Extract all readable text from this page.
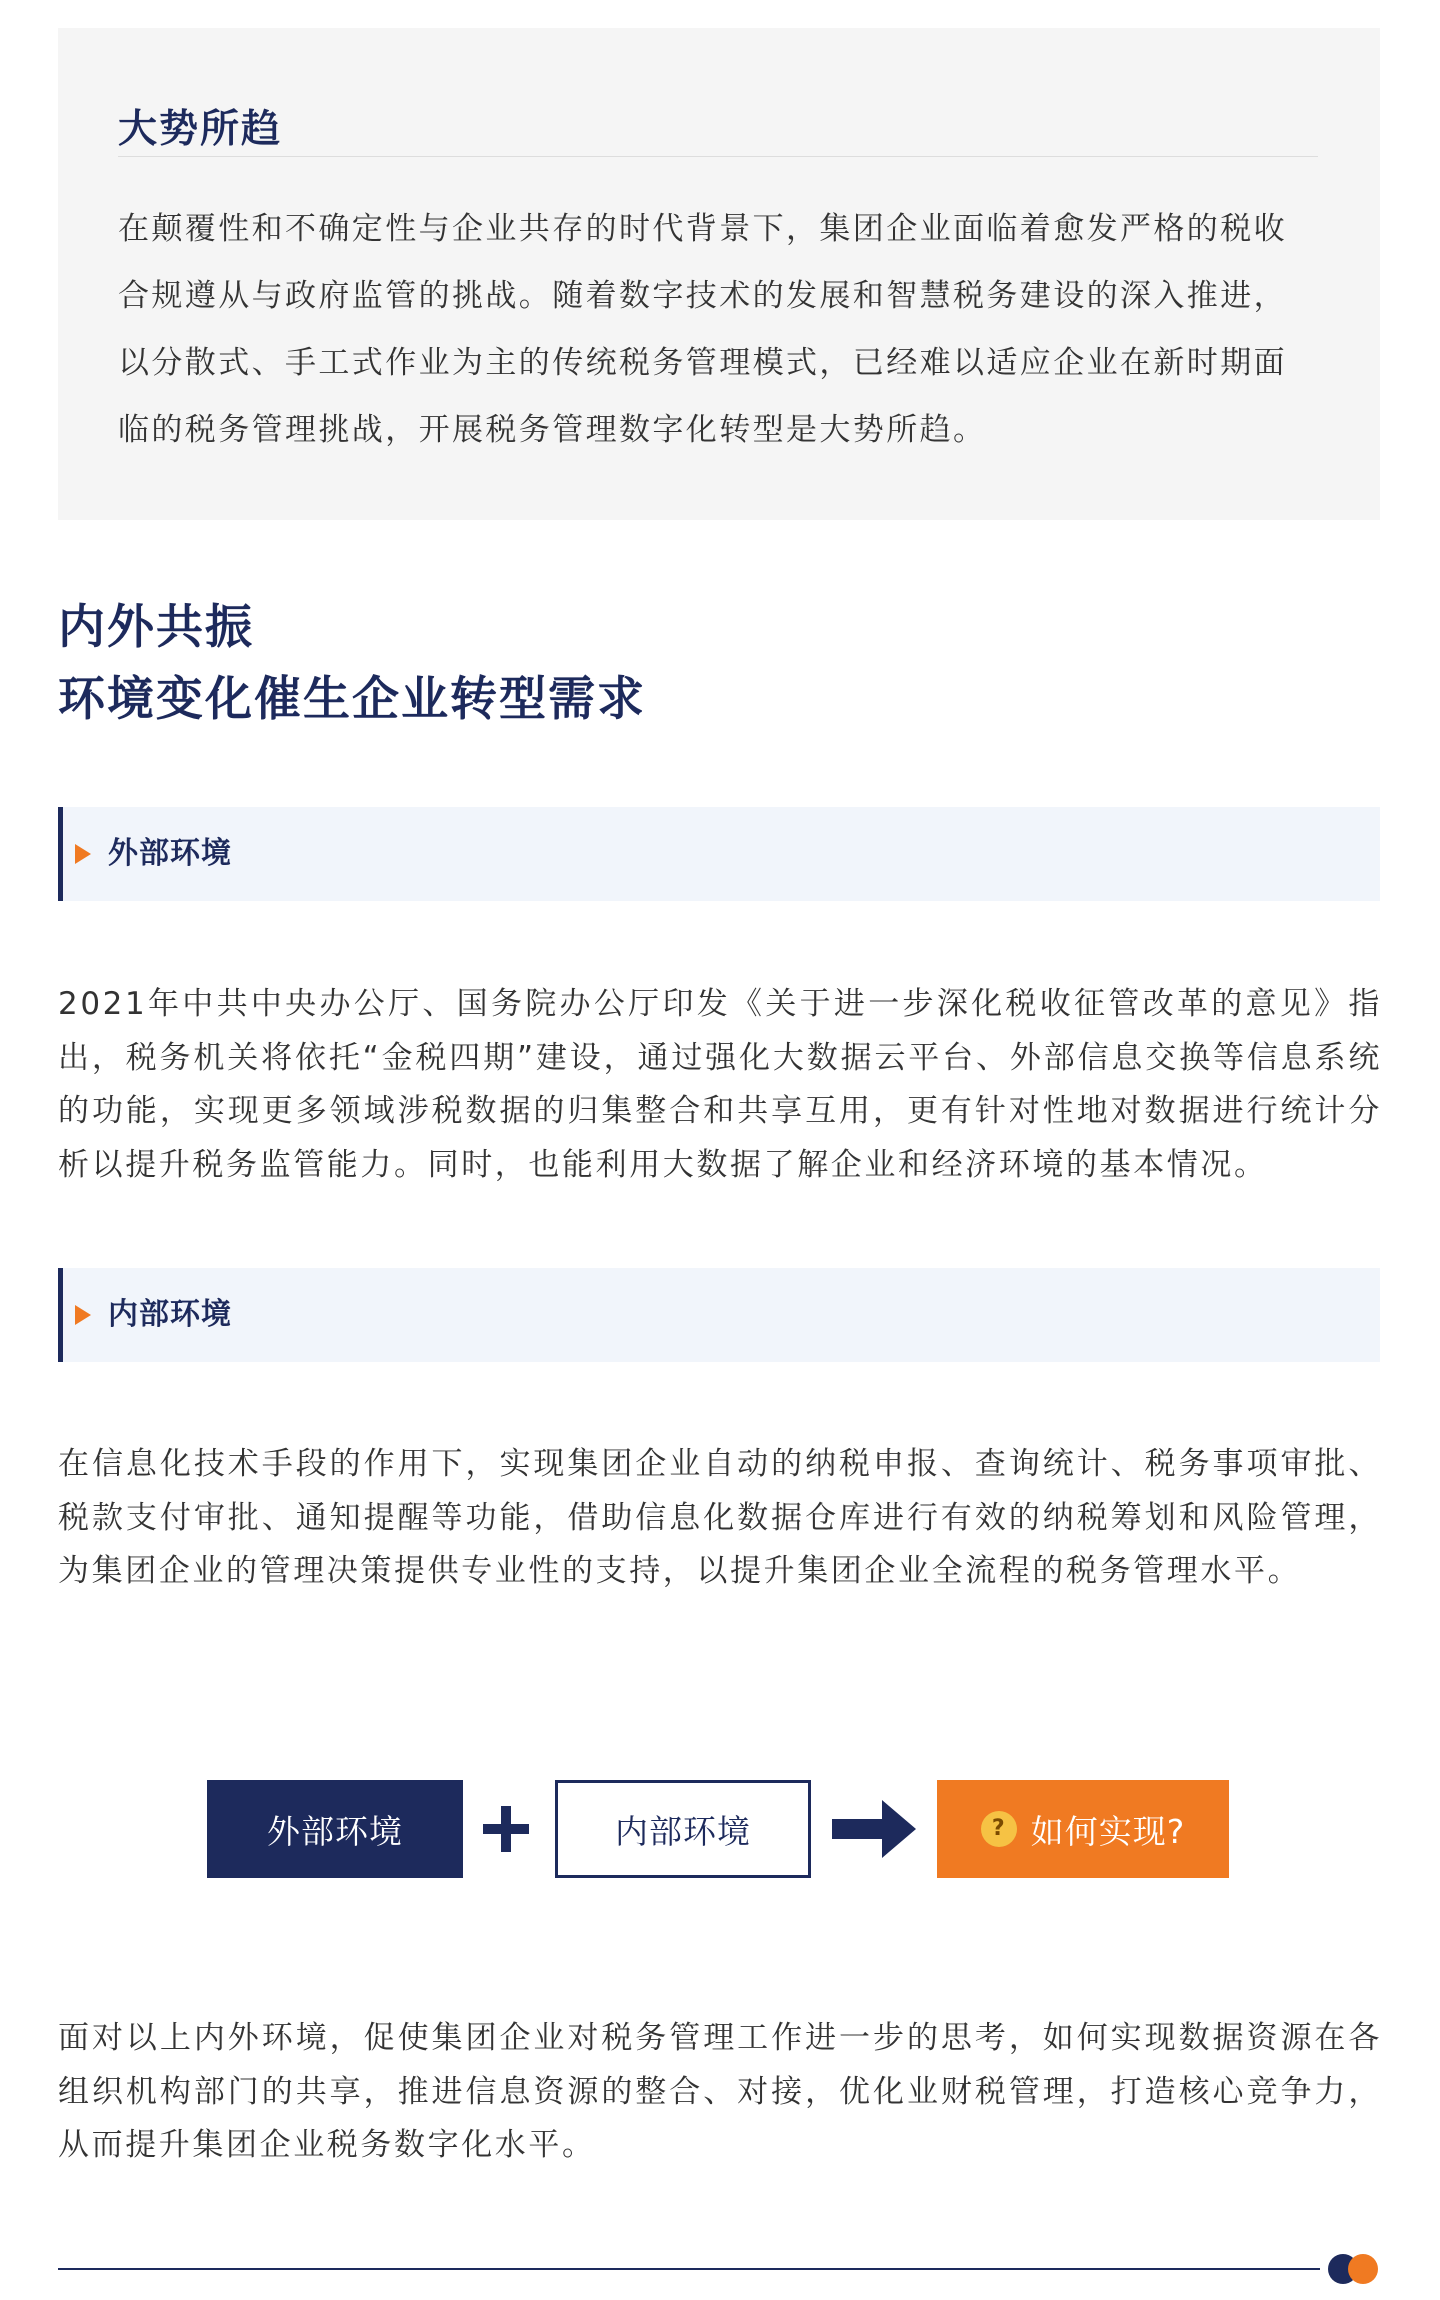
大势所趋

在颠覆性和不确定性与企业共存的时代背景下，集团企业面临着愈发严格的税收合规遵从与政府监管的挑战。随着数字技术的发展和智慧税务建设的深入推进，以分散式、手工式作业为主的传统税务管理模式，已经难以适应企业在新时期面临的税务管理挑战，开展税务管理数字化转型是大势所趋。

内外共振
环境变化催生企业转型需求
外部环境

2021年中共中央办公厅、国务院办公厅印发《关于进一步深化税收征管改革的意见》指出，税务机关将依托“金税四期”建设，通过强化大数据云平台、外部信息交换等信息系统的功能，实现更多领域涉税数据的归集整合和共享互用，更有针对性地对数据进行统计分析以提升税务监管能力。同时，也能利用大数据了解企业和经济环境的基本情况。

内部环境

在信息化技术手段的作用下，实现集团企业自动的纳税申报、查询统计、税务事项审批、税款支付审批、通知提醒等功能，借助信息化数据仓库进行有效的纳税筹划和风险管理，为集团企业的管理决策提供专业性的支持，以提升集团企业全流程的税务管理水平。

外部环境	内部环境	? 如何实现?

面对以上内外环境，促使集团企业对税务管理工作进一步的思考，如何实现数据资源在各组织机构部门的共享，推进信息资源的整合、对接，优化业财税管理，打造核心竞争力，从而提升集团企业税务数字化水平。
